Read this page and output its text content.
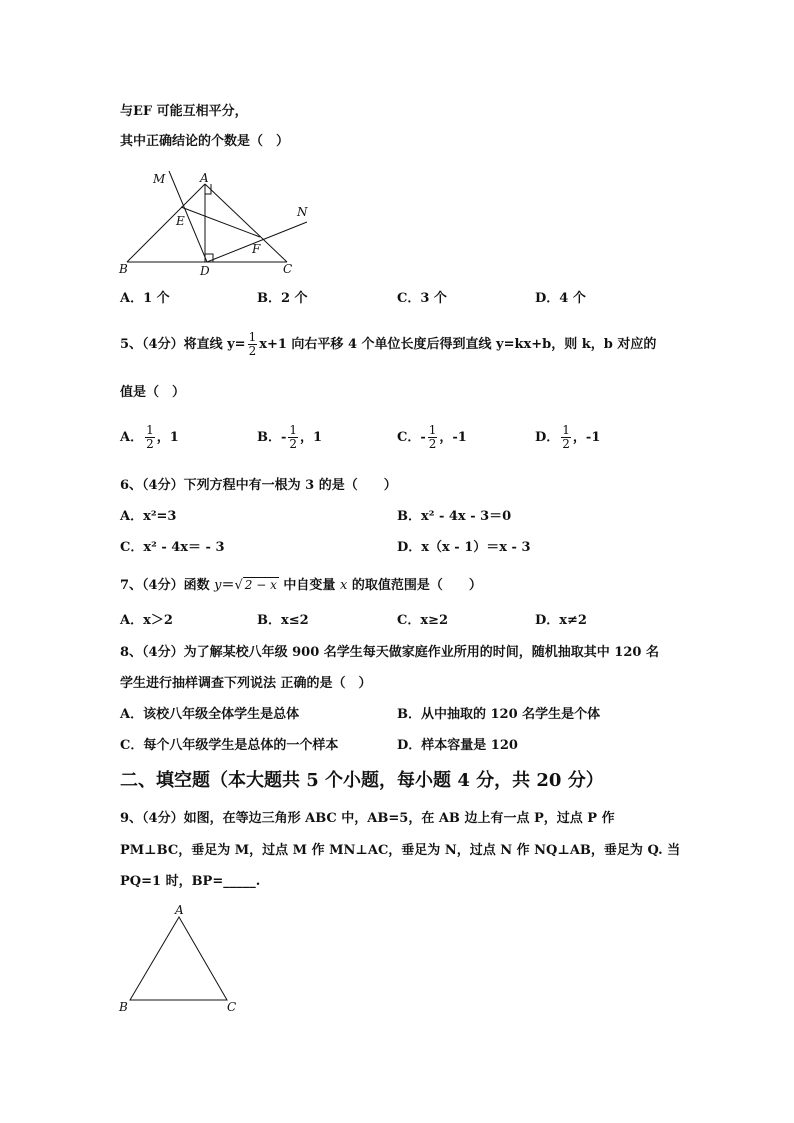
与EF 可能互相平分，
其中正确结论的个数是（　）
M	A
N
E
F
B	D	C
A．1 个	B．2 个	C．3 个	D．4 个
5、（4分）将直线 $y= \frac{1}{2} x+1$ 向右平移 4 个单位长度后得到直线 y=kx+b，则 k，b 对应的
值是（　）
A． $\frac{1}{2}$ ，1	B．- $\frac{1}{2}$ ，1	C．- $\frac{1}{2}$ ，-1	D． $\frac{1}{2}$ ，-1
6、（4分）下列方程中有一根为 3 的是（　　）
A．x²=3	B．x² - 4x - 3＝0
C．x² - 4x＝ - 3	D．x（x - 1）＝x - 3
7、（4分）函数 y＝√ 2 − x 中自变量 x 的取值范围是（　　）
A．x＞2	B．x≤2	C．x≥2	D．x≠2
8、（4分）为了解某校八年级 900 名学生每天做家庭作业所用的时间，随机抽取其中 120 名
学生进行抽样调查下列说法 正确的是（　）
A．该校八年级全体学生是总体	B．从中抽取的 120 名学生是个体
C．每个八年级学生是总体的一个样本	D．样本容量是 120
二、填空题（本大题共 5 个小题，每小题 4 分，共 20 分）
9、（4分）如图，在等边三角形 ABC 中，AB=5，在 AB 边上有一点 P，过点 P 作
PM⊥BC，垂足为 M，过点 M 作 MN⊥AC，垂足为 N，过点 N 作 NQ⊥AB，垂足为 Q. 当
PQ=1 时，BP=_____.
A
B	C
